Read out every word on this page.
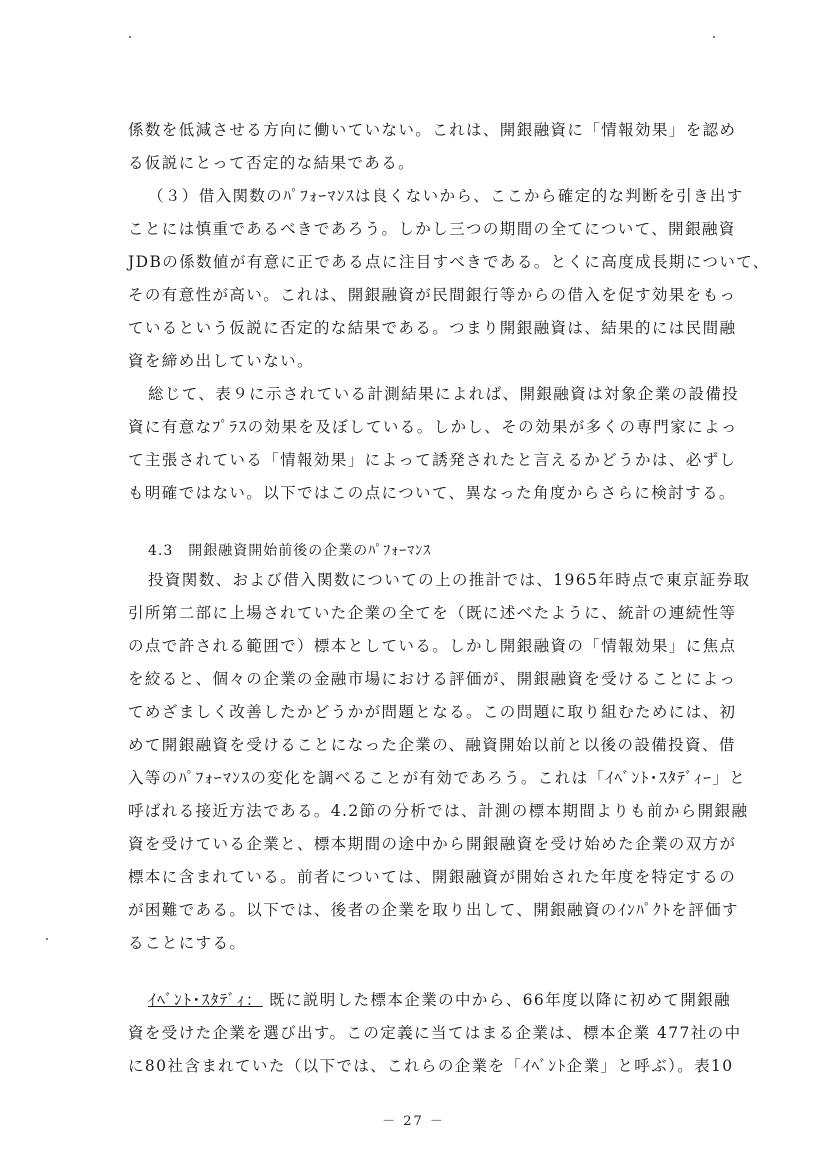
係数を低減させる方向に働いていない。これは、開銀融資に「情報効果」を認め
る仮説にとって否定的な結果である。
（３）借入関数のﾊﾟﾌｫｰﾏﾝｽは良くないから、ここから確定的な判断を引き出す
ことには慎重であるべきであろう。しかし三つの期間の全てについて、開銀融資
JDBの係数値が有意に正である点に注目すべきである。とくに高度成長期について、
その有意性が高い。これは、開銀融資が民間銀行等からの借入を促す効果をもっ
ているという仮説に否定的な結果である。つまり開銀融資は、結果的には民間融
資を締め出していない。
総じて、表９に示されている計測結果によれば、開銀融資は対象企業の設備投
資に有意なﾌﾟﾗｽの効果を及ぼしている。しかし、その効果が多くの専門家によっ
て主張されている「情報効果」によって誘発されたと言えるかどうかは、必ずし
も明確ではない。以下ではこの点について、異なった角度からさらに検討する。
4.3　開銀融資開始前後の企業のﾊﾟﾌｫｰﾏﾝｽ
投資関数、および借入関数についての上の推計では、1965年時点で東京証券取
引所第二部に上場されていた企業の全てを（既に述べたように、統計の連続性等
の点で許される範囲で）標本としている。しかし開銀融資の「情報効果」に焦点
を絞ると、個々の企業の金融市場における評価が、開銀融資を受けることによっ
てめざましく改善したかどうかが問題となる。この問題に取り組むためには、初
めて開銀融資を受けることになった企業の、融資開始以前と以後の設備投資、借
入等のﾊﾟﾌｫｰﾏﾝｽの変化を調べることが有効であろう。これは「ｲﾍﾞﾝﾄ･ｽﾀﾃﾞｨｰ」と
呼ばれる接近方法である。4.2節の分析では、計測の標本期間よりも前から開銀融
資を受けている企業と、標本期間の途中から開銀融資を受け始めた企業の双方が
標本に含まれている。前者については、開銀融資が開始された年度を特定するの
が困難である。以下では、後者の企業を取り出して、開銀融資のｲﾝﾊﾟｸﾄを評価す
ることにする。
ｲﾍﾞﾝﾄ･ｽﾀﾃﾞｨ： 既に説明した標本企業の中から、66年度以降に初めて開銀融
資を受けた企業を選び出す。この定義に当てはまる企業は、標本企業 477社の中
に80社含まれていた（以下では、これらの企業を「ｲﾍﾞﾝﾄ企業」と呼ぶ）。表10
－ 27 －
